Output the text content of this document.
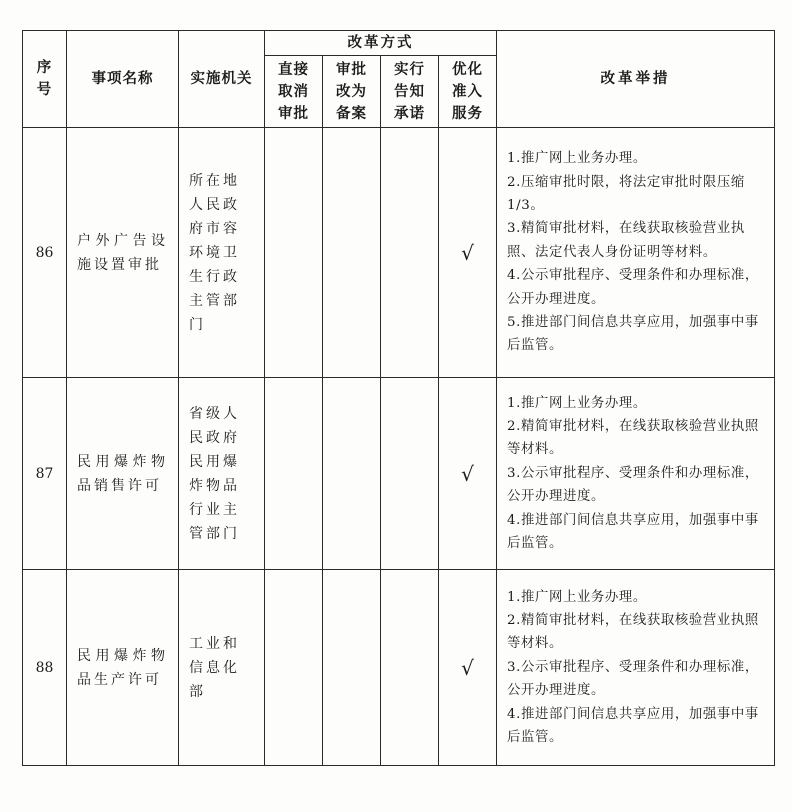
序号	事项名称	实施机关	改革方式				改革举措
			直接取消审批	审批改为备案	实行告知承诺	优化准入服务	
86	户外广告设施设置审批	所在地人民政府市容环境卫生行政主管部门				√	1.推广网上业务办理。
2.压缩审批时限，将法定审批时限压缩1/3。
3.精简审批材料，在线获取核验营业执照、法定代表人身份证明等材料。
4.公示审批程序、受理条件和办理标准，公开办理进度。
5.推进部门间信息共享应用，加强事中事后监管。

87	民用爆炸物品销售许可	省级人民政府民用爆炸物品行业主管部门				√	1.推广网上业务办理。
2.精简审批材料，在线获取核验营业执照等材料。
3.公示审批程序、受理条件和办理标准，公开办理进度。
4.推进部门间信息共享应用，加强事中事后监管。

88	民用爆炸物品生产许可	工业和信息化部				√	1.推广网上业务办理。
2.精简审批材料，在线获取核验营业执照等材料。
3.公示审批程序、受理条件和办理标准，公开办理进度。
4.推进部门间信息共享应用，加强事中事后监管。
